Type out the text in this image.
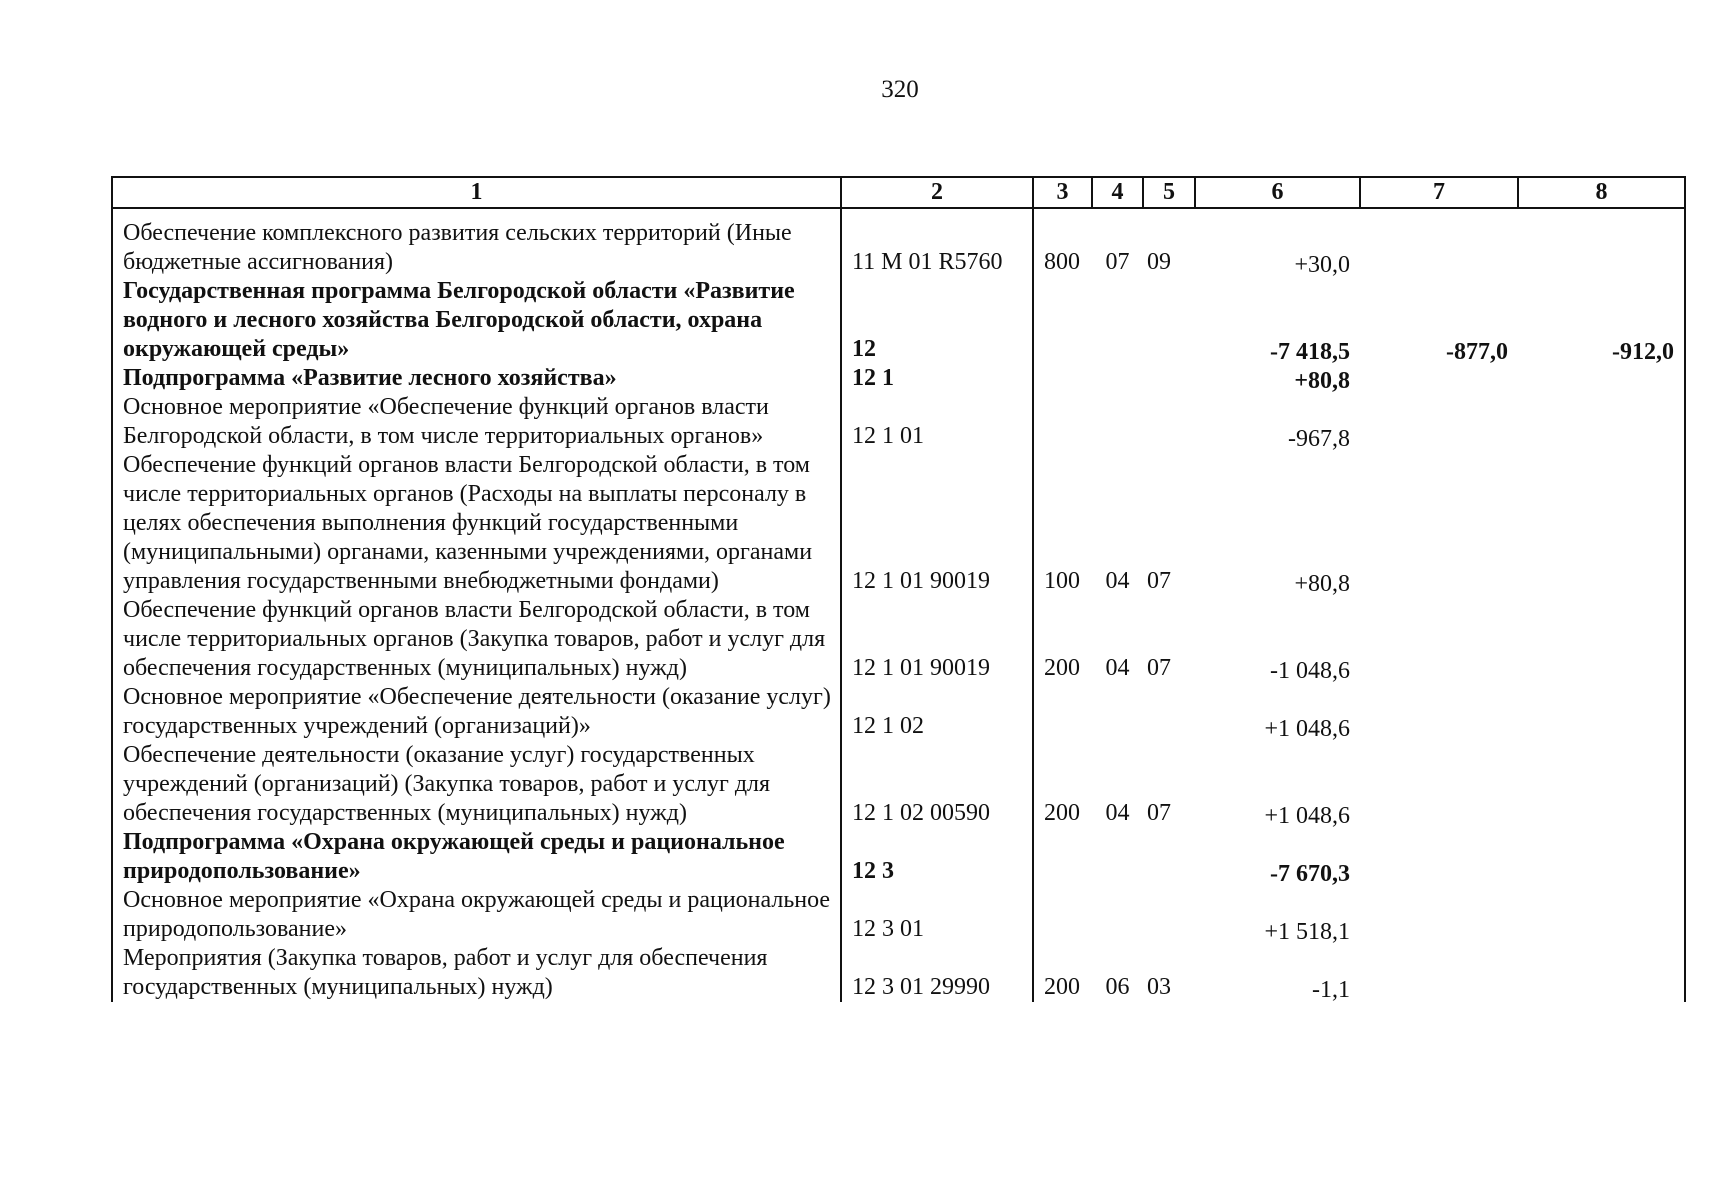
320
1	2	3	4	5	6	7	8
Обеспечение комплексного развития сельских территорий (Иные бюджетные ассигнования)	11 М 01 R5760	800	07	09	+30,0		
Государственная программа Белгородской области «Развитие водного и лесного хозяйства Белгородской области, охрана окружающей среды»	12				-7 418,5	-877,0	-912,0
Подпрограмма «Развитие лесного хозяйства»	12 1				+80,8		
Основное мероприятие «Обеспечение функций органов власти Белгородской области, в том числе территориальных органов»	12 1 01				-967,8		
Обеспечение функций органов власти Белгородской области, в том числе территориальных органов (Расходы на выплаты персоналу в целях обеспечения выполнения функций государственными (муниципальными) органами, казенными учреждениями, органами управления государственными внебюджетными фондами)	12 1 01 90019	100	04	07	+80,8		
Обеспечение функций органов власти Белгородской области, в том числе территориальных органов (Закупка товаров, работ и услуг для обеспечения государственных (муниципальных) нужд)	12 1 01 90019	200	04	07	-1 048,6		
Основное мероприятие «Обеспечение деятельности (оказание услуг) государственных учреждений (организаций)»	12 1 02				+1 048,6		
Обеспечение деятельности (оказание услуг) государственных учреждений (организаций) (Закупка товаров, работ и услуг для обеспечения государственных (муниципальных) нужд)	12 1 02 00590	200	04	07	+1 048,6		
Подпрограмма «Охрана окружающей среды и рациональное природопользование»	12 3				-7 670,3		
Основное мероприятие «Охрана окружающей среды и рациональное природопользование»	12 3 01				+1 518,1		
Мероприятия (Закупка товаров, работ и услуг для обеспечения государственных (муниципальных) нужд)	12 3 01 29990	200	06	03	-1,1		
